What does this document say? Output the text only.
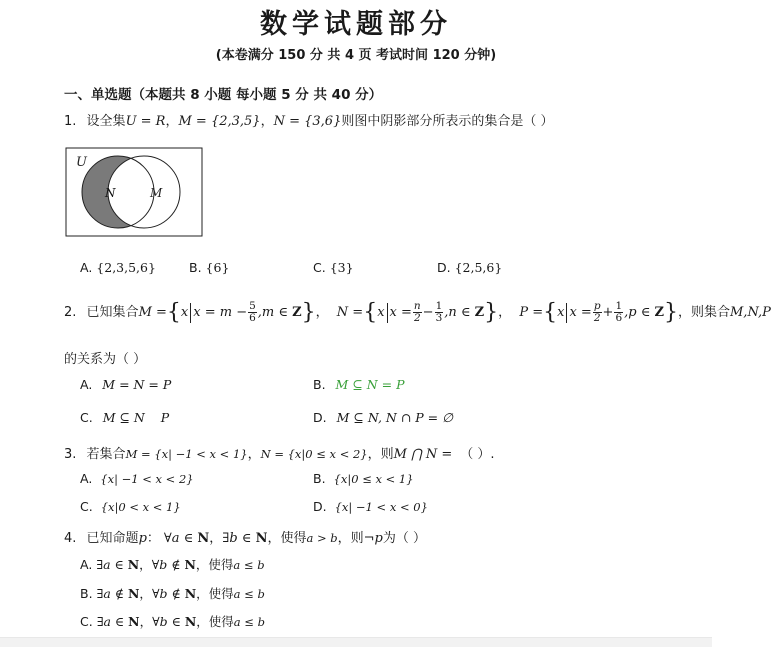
数学试题部分
(本卷满分 150 分 共 4 页 考试时间 120 分钟)
一、单选题（本题共 8 小题 每小题 5 分 共 40 分）
1. 设全集U = R，M = {2,3,5}，N = {3,6}则图中阴影部分所表示的集合是（ ）
U
N	M
A. {2,3,5,6}	B. {6}	C. {3}	D. {2,5,6}
2. 已知集合M ={x $x = m - \frac{5}{6} ,m$ ∈ Z}， N ={x $x = \frac{n}{2} - \frac{1}{3} ,n$ ∈ Z}， P ={x $x = \frac{p}{2} + \frac{1}{6} ,p$ ∈ Z}，则集合M,N,P
的关系为（ ）
A. M = N = P	B. M ⊆ N = P
C. M ⊆ N    P	D. M ⊆ N, N ∩ P = ∅
3. 若集合M = {x| −1 < x < 1}，N = {x|0 ≤ x < 2}，则M ⋂ N = （ ）.
A. {x| −1 < x < 2}	B. {x|0 ≤ x < 1}
C. {x|0 < x < 1}	D. {x| −1 < x < 0}
4. 已知命题p： ∀a ∈ N，∃b ∈ N，使得a > b，则¬p为（ ）
A. ∃a ∈ N，∀b ∉ N，使得a ≤ b
B. ∃a ∉ N，∀b ∉ N，使得a ≤ b
C. ∃a ∈ N，∀b ∈ N，使得a ≤ b
